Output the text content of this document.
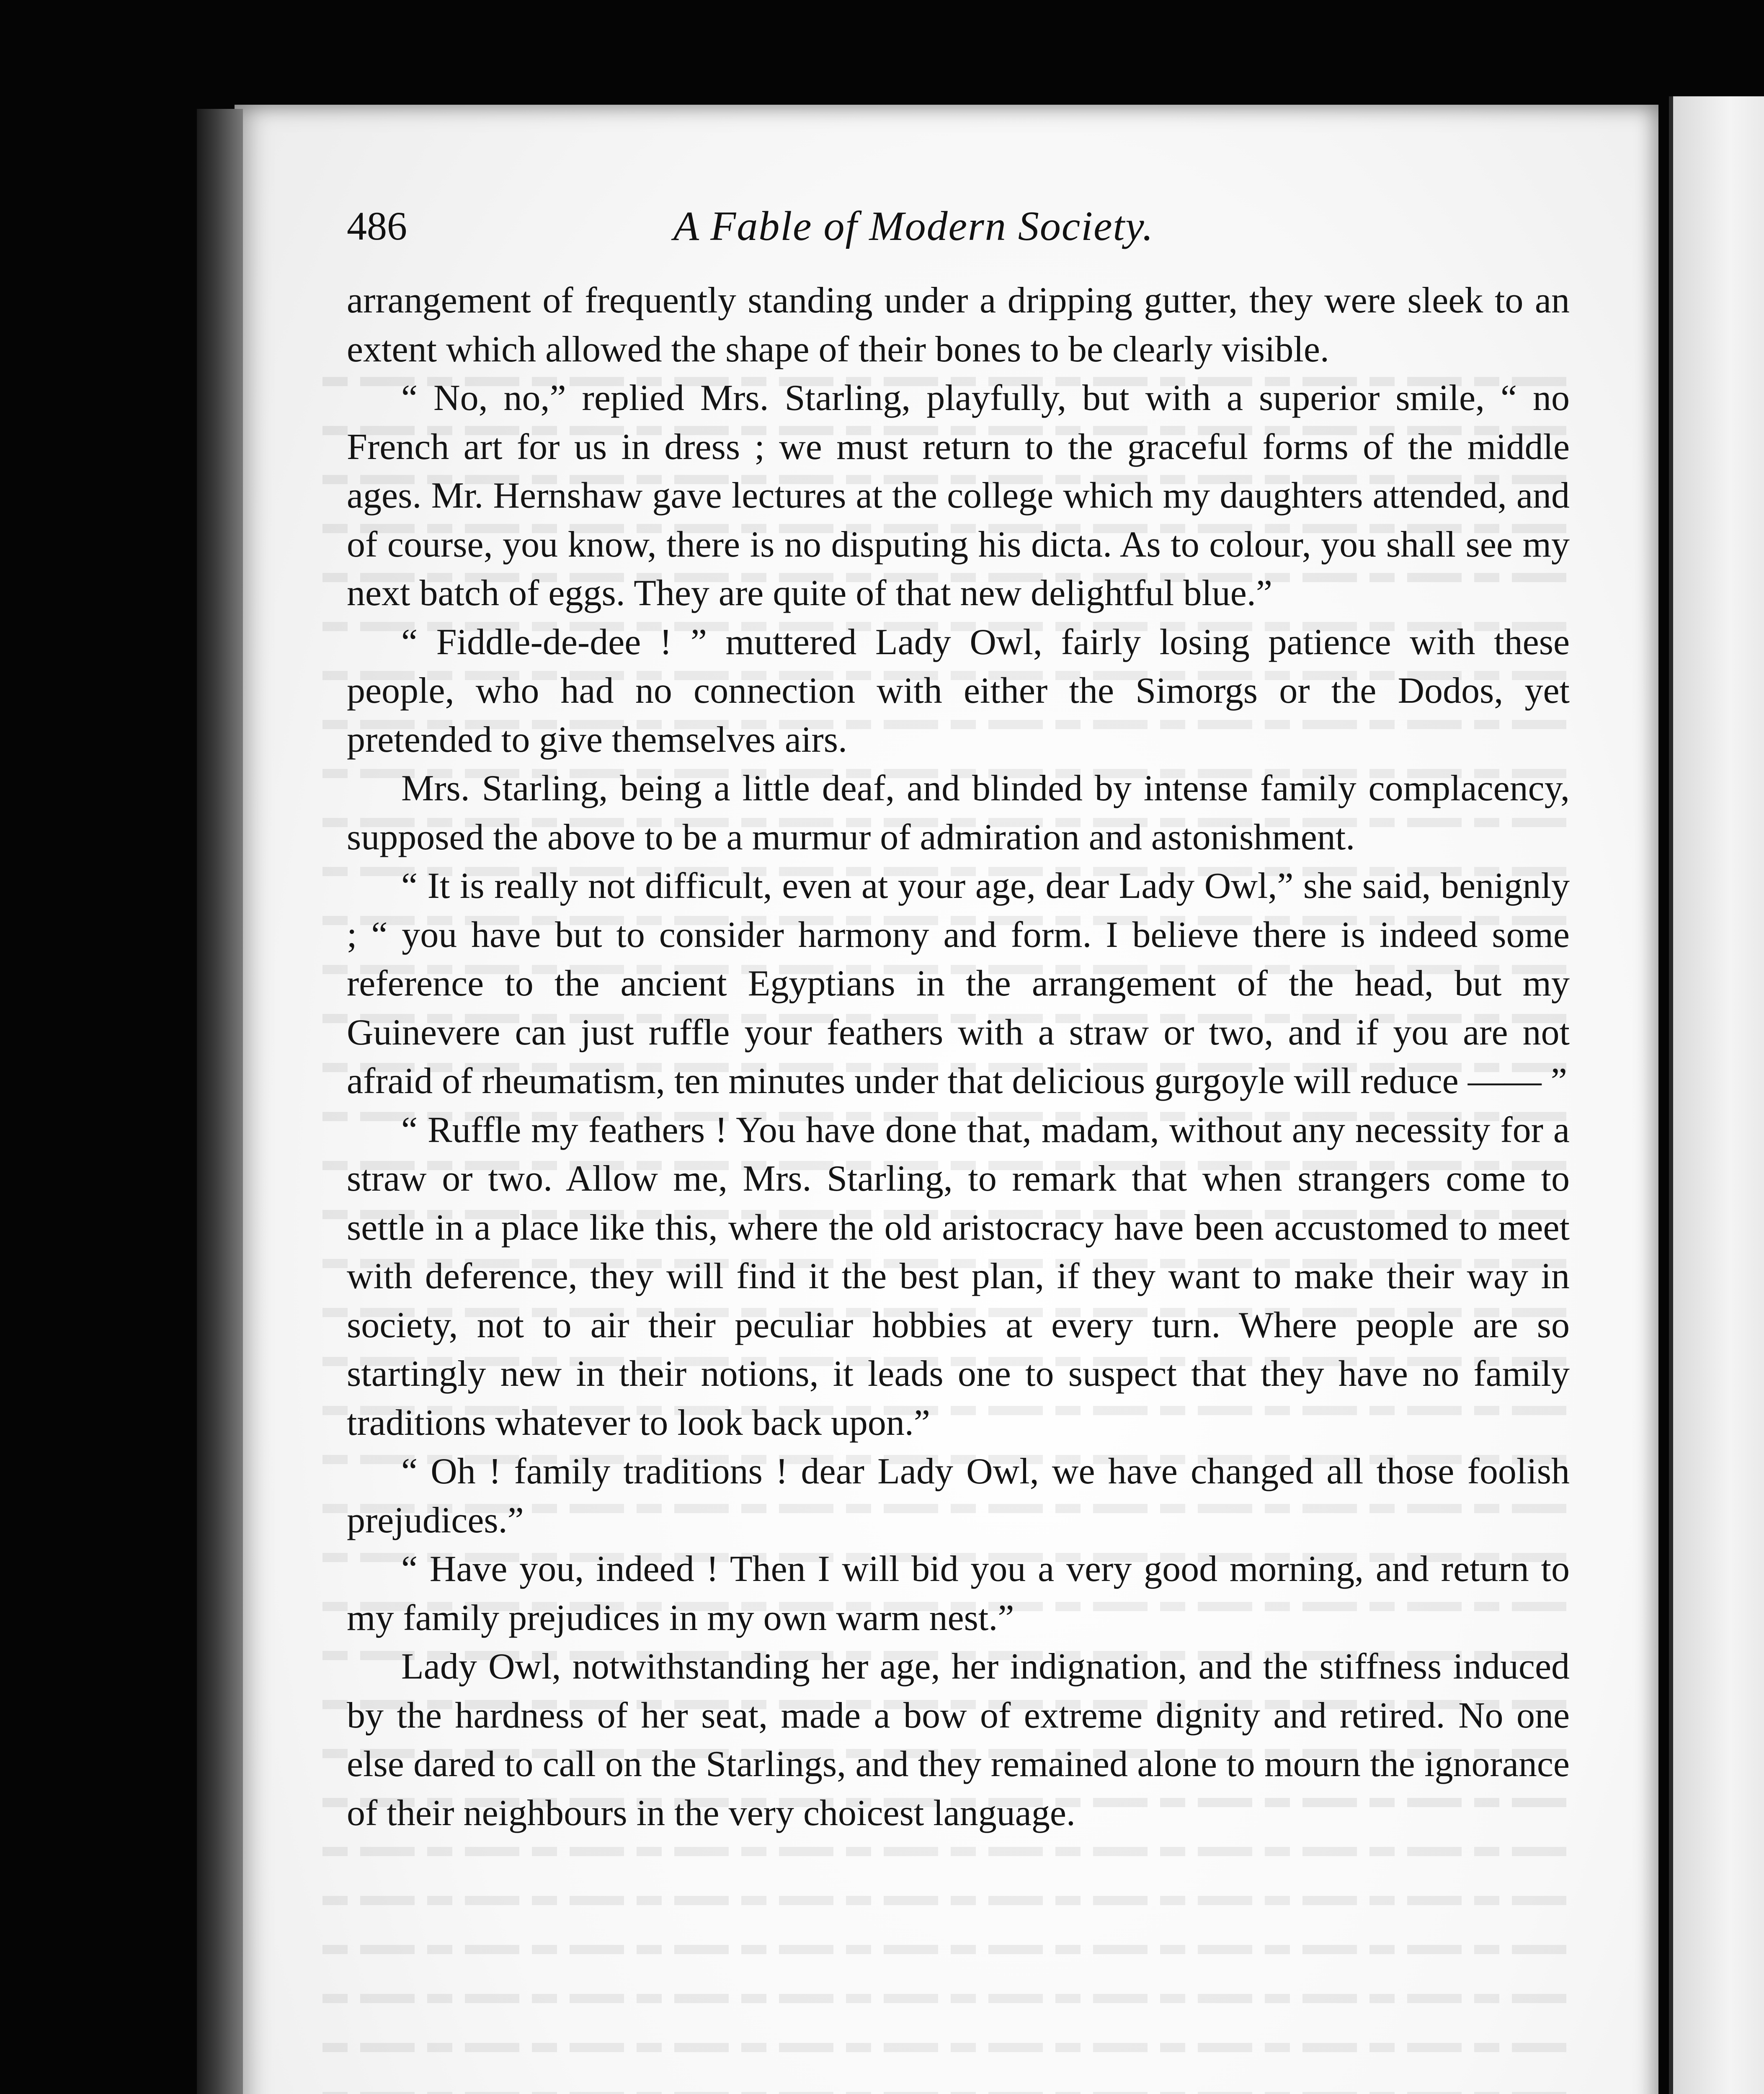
486	A Fable of Modern Society.

arrangement of frequently standing under a dripping gutter, they were sleek to an extent which allowed the shape of their bones to be clearly visible.

“ No, no,” replied Mrs. Starling, playfully, but with a superior smile, “ no French art for us in dress ; we must return to the graceful forms of the middle ages. Mr. Hernshaw gave lectures at the college which my daughters attended, and of course, you know, there is no disputing his dicta. As to colour, you shall see my next batch of eggs. They are quite of that new delightful blue.”

“ Fiddle-de-dee ! ” muttered Lady Owl, fairly losing patience with these people, who had no connection with either the Simorgs or the Dodos, yet pretended to give themselves airs.

Mrs. Starling, being a little deaf, and blinded by intense family complacency, supposed the above to be a murmur of admiration and astonishment.

“ It is really not difficult, even at your age, dear Lady Owl,” she said, benignly ; “ you have but to consider harmony and form. I believe there is indeed some reference to the ancient Egyptians in the arrangement of the head, but my Guinevere can just ruffle your feathers with a straw or two, and if you are not afraid of rheumatism, ten minutes under that delicious gurgoyle will reduce —— ”

“ Ruffle my feathers ! You have done that, madam, without any necessity for a straw or two. Allow me, Mrs. Starling, to remark that when strangers come to settle in a place like this, where the old aristocracy have been accustomed to meet with deference, they will find it the best plan, if they want to make their way in society, not to air their peculiar hobbies at every turn. Where people are so startingly new in their notions, it leads one to suspect that they have no family traditions whatever to look back upon.”

“ Oh ! family traditions ! dear Lady Owl, we have changed all those foolish prejudices.”

“ Have you, indeed ! Then I will bid you a very good morning, and return to my family prejudices in my own warm nest.”

Lady Owl, notwithstanding her age, her indignation, and the stiffness induced by the hardness of her seat, made a bow of extreme dignity and retired. No one else dared to call on the Starlings, and they remained alone to mourn the ignorance of their neighbours in the very choicest language.
